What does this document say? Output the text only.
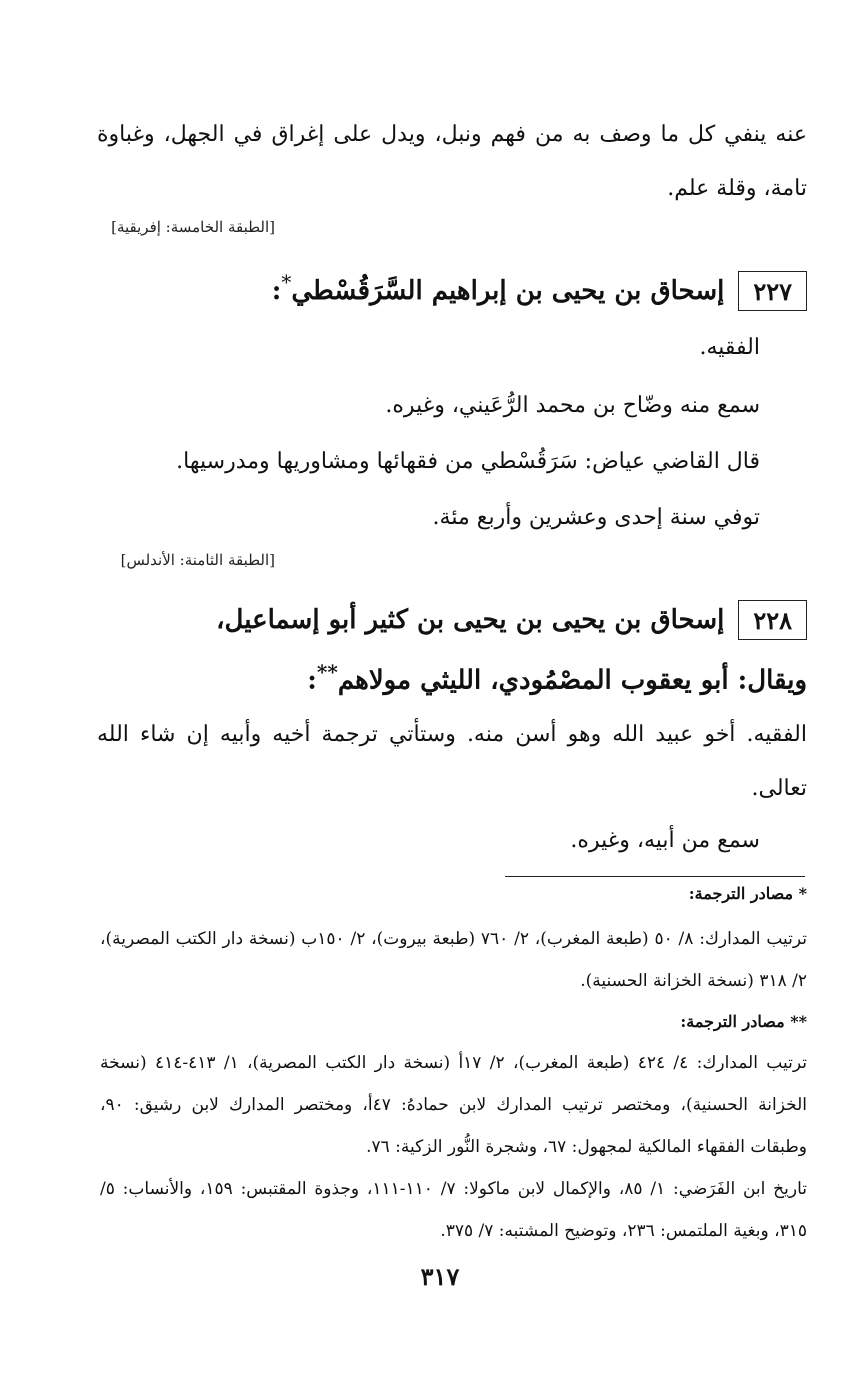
عنه ينفي كل ما وصف به من فهم ونبل، ويدل على إغراق في الجهل، وغباوة تامة، وقلة علم.
[الطبقة الخامسة: إفريقية]
٢٢٧إسحاق بن يحيى بن إبراهيم السَّرَقُسْطي*:
الفقيه.
سمع منه وضّاح بن محمد الرُّعَيني، وغيره.
قال القاضي عياض: سَرَقُسْطي من فقهائها ومشاوريها ومدرسيها.
توفي سنة إحدى وعشرين وأربع مئة.
[الطبقة الثامنة: الأندلس]
٢٢٨إسحاق بن يحيى بن يحيى بن كثير أبو إسماعيل،
ويقال: أبو يعقوب المصْمُودي، الليثي مولاهم**:
الفقيه. أخو عبيد الله وهو أسن منه. وستأتي ترجمة أخيه وأبيه إن شاء الله تعالى.
سمع من أبيه، وغيره.
* مصادر الترجمة:
ترتيب المدارك: ٨/ ٥٠ (طبعة المغرب)، ٢/ ٧٦٠ (طبعة بيروت)، ٢/ ١٥٠ب (نسخة دار الكتب المصرية)، ٢/ ٣١٨ (نسخة الخزانة الحسنية).
** مصادر الترجمة:
ترتيب المدارك: ٤/ ٤٢٤ (طبعة المغرب)، ٢/ ١٧أ (نسخة دار الكتب المصرية)، ١/ ٤١٣-٤١٤ (نسخة الخزانة الحسنية)، ومختصر ترتيب المدارك لابن حمادهُ: ٤٧أ، ومختصر المدارك لابن رشيق: ٩٠، وطبقات الفقهاء المالكية لمجهول: ٦٧، وشجرة النُّور الزكية: ٧٦.
تاريخ ابن الفَرَضي: ١/ ٨٥، والإكمال لابن ماكولا: ٧/ ١١٠-١١١، وجذوة المقتبس: ١٥٩، والأنساب: ٥/ ٣١٥، وبغية الملتمس: ٢٣٦، وتوضيح المشتبه: ٧/ ٣٧٥.
٣١٧
